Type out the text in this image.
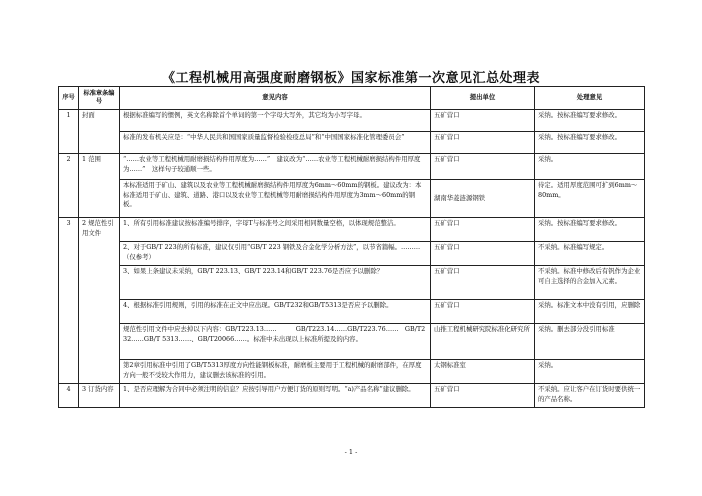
《工程机械用高强度耐磨钢板》国家标准第一次意见汇总处理表
序号	标准章条编号	意见内容	提出单位	处理意见
1	封面	根据标准编写的惯例，英文名称除首个单词的第一个字母大写外，其它均为小写字母。	五矿营口	采纳。按标准编写要求修改。
		标准的发布机关应是：“中华人民共和国国家质量监督检验检疫总局”和“中国国家标准化管理委员会”	五矿营口	采纳。按标准编写要求修改。
2	1 范围	“……农业等工程机械用耐磨损结构件用厚度为……”　建议改为“……农业等工程机械耐磨损结构件用厚度为……”　这样句子较通顺一些。	五矿营口	采纳。
		本标准适用于矿山、建筑以及农业等工程机械耐磨损结构件用厚度为6mm～60mm的钢板。建议改为：本标准适用于矿山、建筑、道路、港口以及农业等工程机械等用耐磨损结构件用厚度为3mm～60mm的钢板。	湖南华菱涟源钢铁	待定。适用厚度范围可扩到6mm～80mm。
3	2 规范性引用文件	1、所有引用标准建议按标准编号排序，字母T与标准号之间采用相同数量空格，以体现规范整洁。	五矿营口	采纳。按标准编写要求修改。
		2、对于GB/T 223的所有标准，建议仅引用“GB/T 223 钢铁及合金化学分析方法”，以节省篇幅。………（仅参考）	五矿营口	不采纳。标准编写规定。
		3、如果上条建议未采纳，GB/T 223.13、GB/T 223.14和GB/T 223.76是否应予以删除？	五矿营口	不采纳。标准中修改后有钒作为企业可自主选择的合金加入元素。
		4、根据标准引用规则，引用的标准在正文中应出现。GB/T232和GB/T5313是否应予以删除。	五矿营口	采纳。标准文本中没有引用，应删除
		规范性引用文件中应去掉以下内容：GB/T223.13……　　　GB/T223.14……GB/T223.76……　GB/T232……GB/T 5313……、GB/T20066……。标准中未出现以上标准所提及的内容。	山推工程机械研究院标准化研究所	采纳。删去部分没引用标准
		第2章引用标准中引用了GB/T5313厚度方向性能钢板标准，耐磨板主要用于工程机械的耐磨部件，在厚度方向一般不受较大作用力，建议删去该标准的引用。	太钢标准室	采纳。
4	3 订货内容	1、是否应理解为合同中必须注明的信息？应按引导用户方便订货的原则写明。“a)产品名称”建议删除。	五矿营口	不采纳。应让客户在订货时要供统一的产品名称。
- 1 -
